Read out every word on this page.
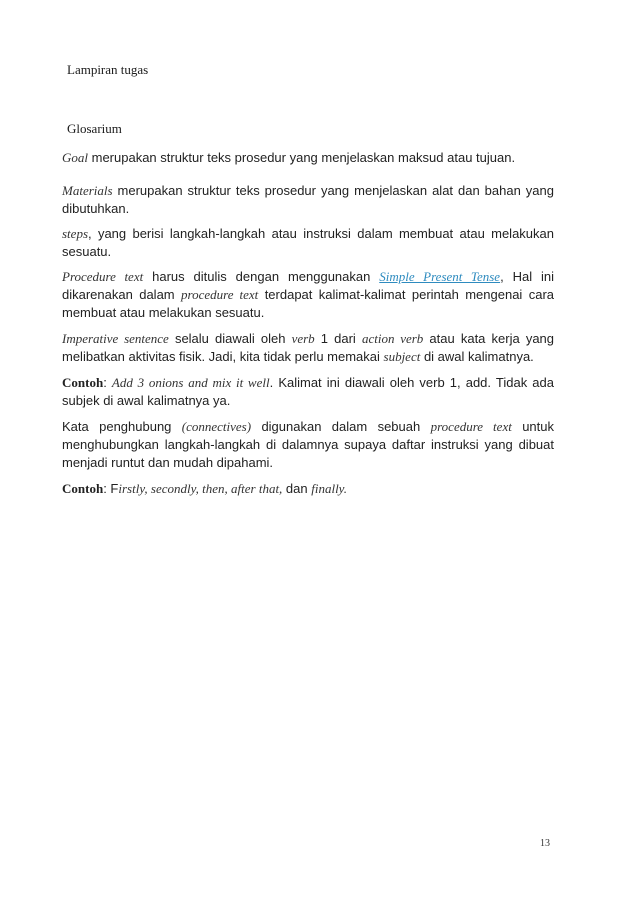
Lampiran tugas
Glosarium
Goal merupakan struktur teks prosedur yang menjelaskan maksud atau tujuan.
Materials merupakan struktur teks prosedur yang menjelaskan alat dan bahan yang dibutuhkan.
steps, yang berisi langkah-langkah atau instruksi dalam membuat atau melakukan sesuatu.
Procedure text harus ditulis dengan menggunakan Simple Present Tense, Hal ini dikarenakan dalam procedure text terdapat kalimat-kalimat perintah mengenai cara membuat atau melakukan sesuatu.
Imperative sentence selalu diawali oleh verb 1 dari action verb atau kata kerja yang melibatkan aktivitas fisik. Jadi, kita tidak perlu memakai subject di awal kalimatnya.
Contoh: Add 3 onions and mix it well. Kalimat ini diawali oleh verb 1, add. Tidak ada subjek di awal kalimatnya ya.
Kata penghubung (connectives) digunakan dalam sebuah procedure text untuk menghubungkan langkah-langkah di dalamnya supaya daftar instruksi yang dibuat menjadi runtut dan mudah dipahami.
Contoh: Firstly, secondly, then, after that, dan finally.
13
